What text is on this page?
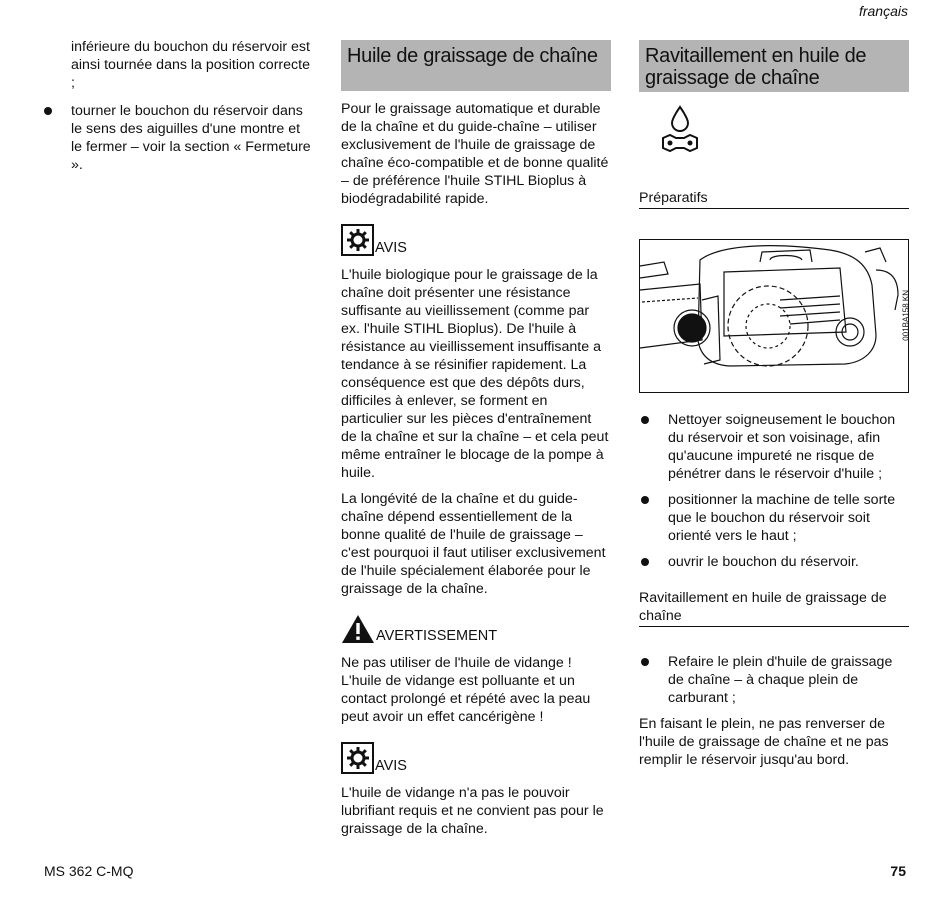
français

inférieure du bouchon du réservoir est ainsi tournée dans la position correcte ;

tourner le bouchon du réservoir dans le sens des aiguilles d'une montre et le fermer – voir la section « Fermeture ».
Huile de graissage de chaîne

Pour le graissage automatique et durable de la chaîne et du guide-chaîne – utiliser exclusivement de l'huile de graissage de chaîne éco-compatible et de bonne qualité – de préférence l'huile STIHL Bioplus à biodégradabilité rapide.

AVIS

L'huile biologique pour le graissage de la chaîne doit présenter une résistance suffisante au vieillissement (comme par ex. l'huile STIHL Bioplus). De l'huile à résistance au vieillissement insuffisante a tendance à se résinifier rapidement. La conséquence est que des dépôts durs, difficiles à enlever, se forment en particulier sur les pièces d'entraînement de la chaîne et sur la chaîne – et cela peut même entraîner le blocage de la pompe à huile.

La longévité de la chaîne et du guide-chaîne dépend essentiellement de la bonne qualité de l'huile de graissage – c'est pourquoi il faut utiliser exclusivement de l'huile spécialement élaborée pour le graissage de la chaîne.

AVERTISSEMENT

Ne pas utiliser de l'huile de vidange !

L'huile de vidange est polluante et un contact prolongé et répété avec la peau peut avoir un effet cancérigène !

AVIS

L'huile de vidange n'a pas le pouvoir lubrifiant requis et ne convient pas pour le graissage de la chaîne.

Ravitaillement en huile de graissage de chaîne
Préparatifs
001BA158 KN
Nettoyer soigneusement le bouchon du réservoir et son voisinage, afin qu'aucune impureté ne risque de pénétrer dans le réservoir d'huile ;
positionner la machine de telle sorte que le bouchon du réservoir soit orienté vers le haut ;
ouvrir le bouchon du réservoir.
Ravitaillement en huile de graissage de chaîne
Refaire le plein d'huile de graissage de chaîne – à chaque plein de carburant ;

En faisant le plein, ne pas renverser de l'huile de graissage de chaîne et ne pas remplir le réservoir jusqu'au bord.

MS 362 C-MQ	75
